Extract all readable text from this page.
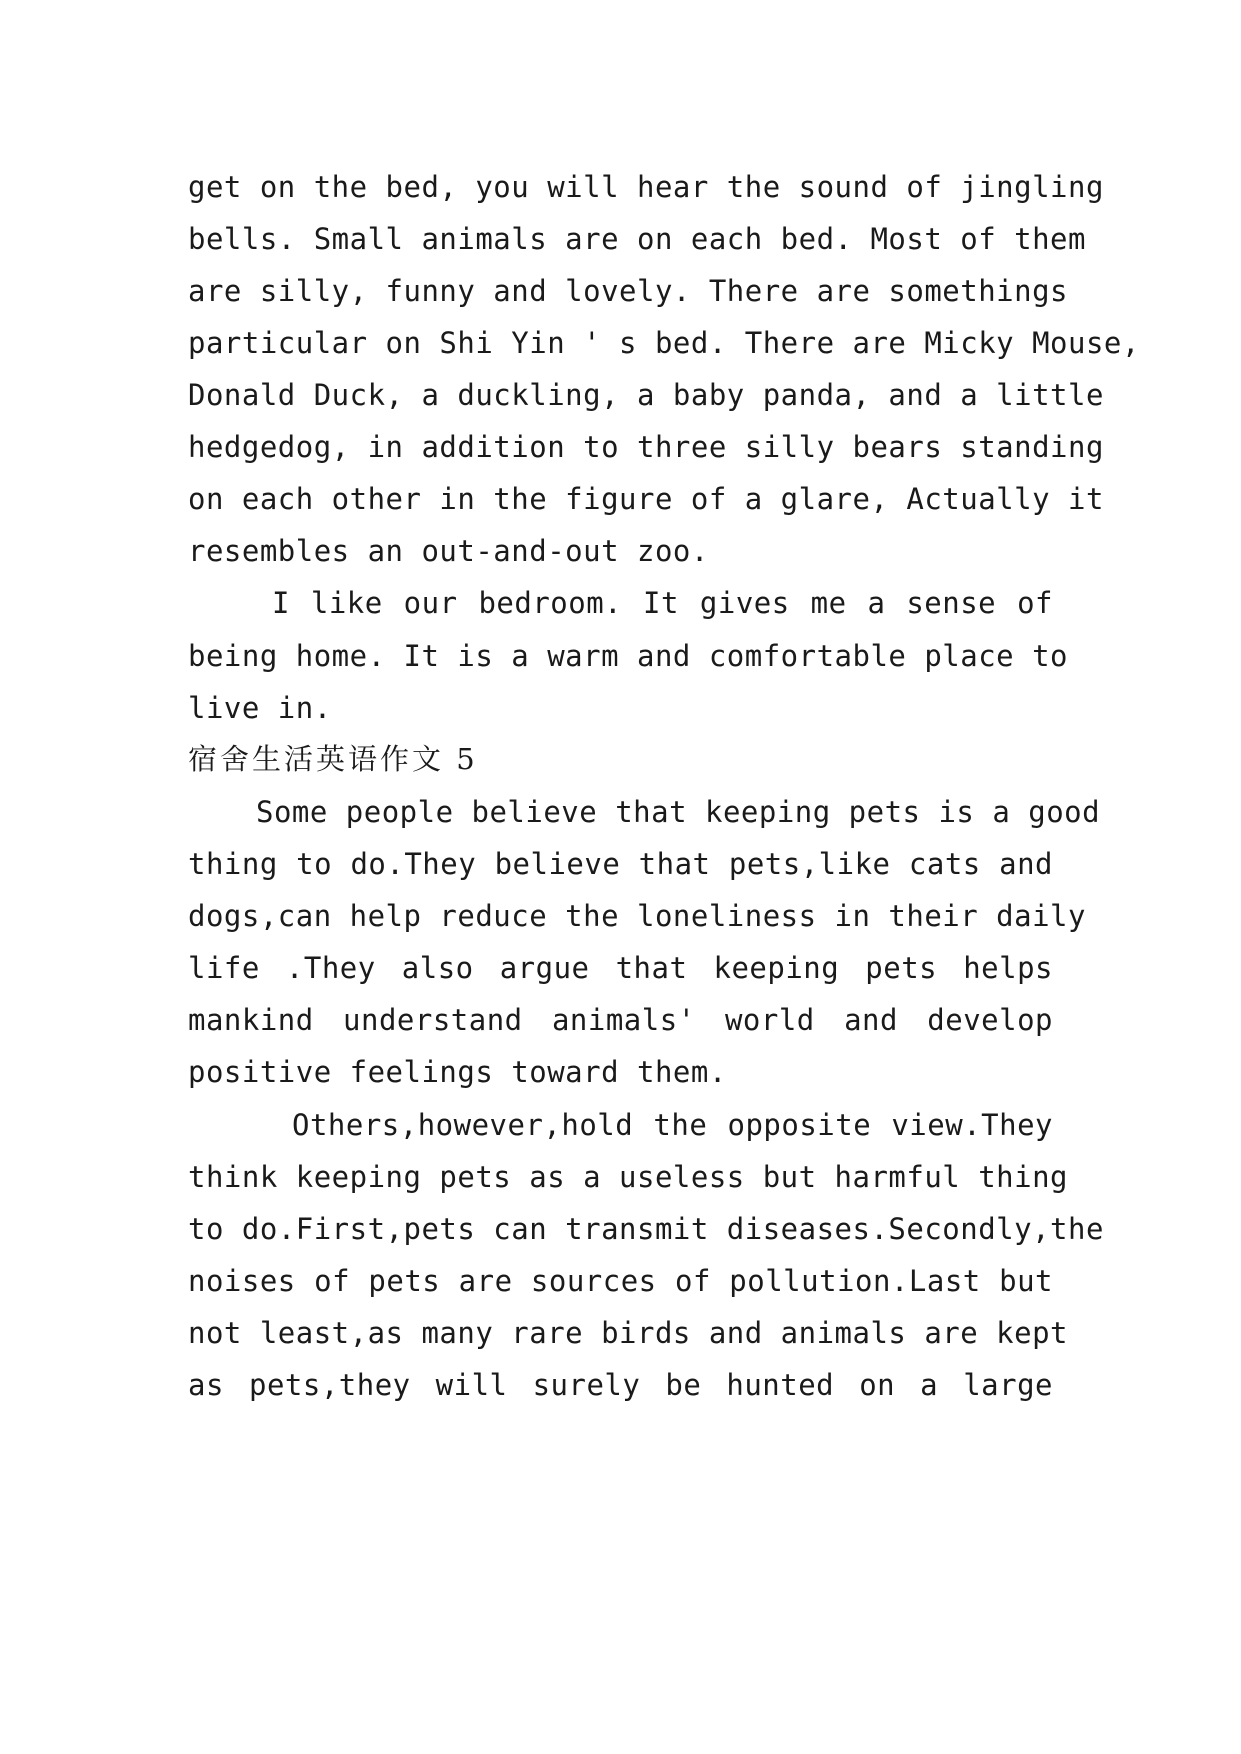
get on the bed, you will hear the sound of jingling
bells. Small animals are on each bed. Most of them
are silly, funny and lovely. There are somethings
particular on Shi Yin ' s bed. There are Micky Mouse,
Donald Duck, a duckling, a baby panda, and a little
hedgedog, in addition to three silly bears standing
on each other in the figure of a glare, Actually it
resembles an out-and-out zoo.
I like our bedroom. It gives me a sense of
being home. It is a warm and comfortable place to
live in.
宿舍生活英语作文 5
Some people believe that keeping pets is a good
thing to do.They believe that pets,like cats and
dogs,can help reduce the loneliness in their daily
life .They also argue that keeping pets helps
mankind understand animals' world and develop
positive feelings toward them.
Others,however,hold the opposite view.They
think keeping pets as a useless but harmful thing
to do.First,pets can transmit diseases.Secondly,the
noises of pets are sources of pollution.Last but
not least,as many rare birds and animals are kept
as pets,they will surely be hunted on a large
